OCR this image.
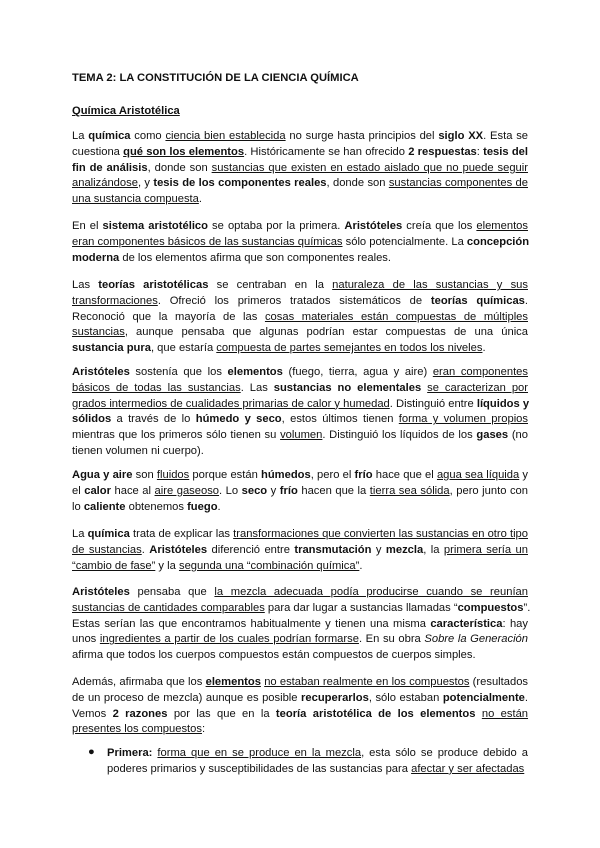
TEMA 2: LA CONSTITUCIÓN DE LA CIENCIA QUÍMICA
Química Aristotélica
La química como ciencia bien establecida no surge hasta principios del siglo XX. Esta se
cuestiona qué son los elementos. Históricamente se han ofrecido 2 respuestas: tesis del
fin de análisis, donde son sustancias que existen en estado aislado que no puede seguir
analizándose, y tesis de los componentes reales, donde son sustancias componentes de
una sustancia compuesta.
En el sistema aristotélico se optaba por la primera. Aristóteles creía que los elementos
eran componentes básicos de las sustancias químicas sólo potencialmente. La concepción
moderna de los elementos afirma que son componentes reales.
Las teorías aristotélicas se centraban en la naturaleza de las sustancias y sus
transformaciones. Ofreció los primeros tratados sistemáticos de teorías químicas.
Reconoció que la mayoría de las cosas materiales están compuestas de múltiples
sustancias, aunque pensaba que algunas podrían estar compuestas de una única
sustancia pura, que estaría compuesta de partes semejantes en todos los niveles.
Aristóteles sostenía que los elementos (fuego, tierra, agua y aire) eran componentes
básicos de todas las sustancias. Las sustancias no elementales se caracterizan por
grados intermedios de cualidades primarias de calor y humedad. Distinguió entre líquidos y
sólidos a través de lo húmedo y seco, estos últimos tienen forma y volumen propios
mientras que los primeros sólo tienen su volumen. Distinguió los líquidos de los gases (no
tienen volumen ni cuerpo).
Agua y aire son fluidos porque están húmedos, pero el frío hace que el agua sea líquida y
el calor hace al aire gaseoso. Lo seco y frío hacen que la tierra sea sólida, pero junto con
lo caliente obtenemos fuego.
La química trata de explicar las transformaciones que convierten las sustancias en otro tipo
de sustancias. Aristóteles diferenció entre transmutación y mezcla, la primera sería un
“cambio de fase” y la segunda una “combinación química”.
Aristóteles pensaba que la mezcla adecuada podía producirse cuando se reunían
sustancias de cantidades comparables para dar lugar a sustancias llamadas “compuestos”.
Estas serían las que encontramos habitualmente y tienen una misma característica: hay
unos ingredientes a partir de los cuales podrían formarse. En su obra Sobre la Generación
afirma que todos los cuerpos compuestos están compuestos de cuerpos simples.
Además, afirmaba que los elementos no estaban realmente en los compuestos (resultados
de un proceso de mezcla) aunque es posible recuperarlos, sólo estaban potencialmente.
Vemos 2 razones por las que en la teoría aristotélica de los elementos no están
presentes los compuestos:
● Primera: forma que en se produce en la mezcla, esta sólo se produce debido a
poderes primarios y susceptibilidades de las sustancias para afectar y ser afectadas
